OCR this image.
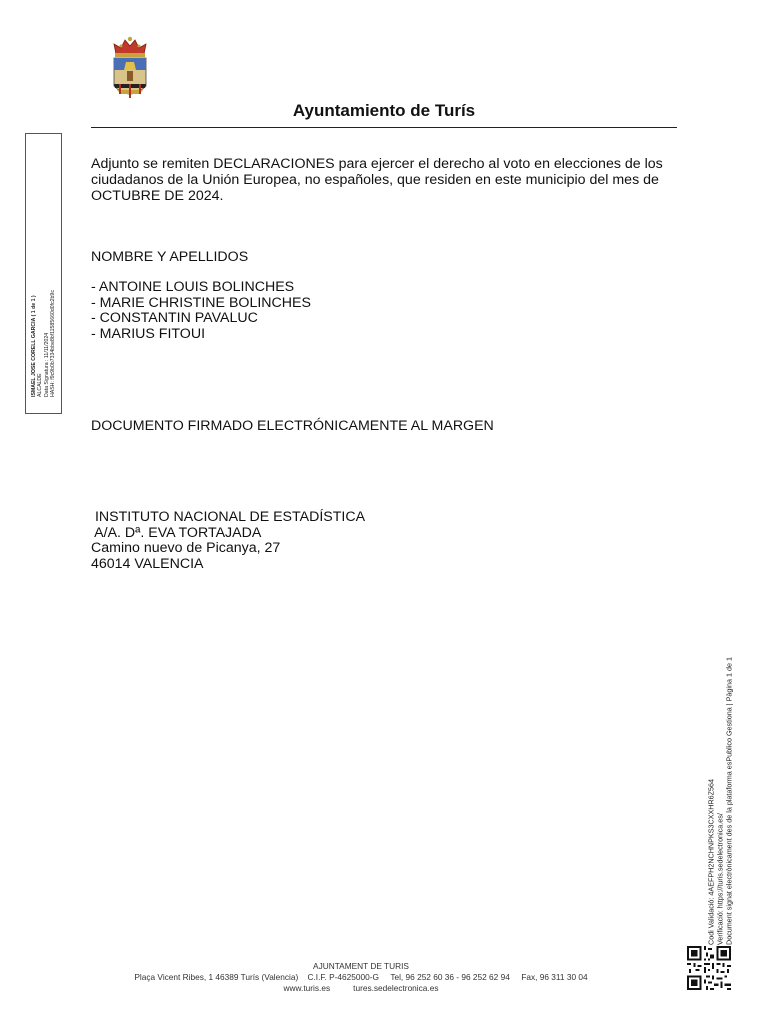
Ayuntamiento de Turís

Adjunto se remiten DECLARACIONES para ejercer el derecho al voto en elecciones de los

ciudadanos de la Unión Europea, no españoles, que residen en este municipio del mes de

OCTUBRE DE 2024.

NOMBRE Y APELLIDOS
- ANTOINE LOUIS BOLINCHES
- MARIE CHRISTINE BOLINCHES
- CONSTANTIN PAVALUC
- MARIUS FITOUI
DOCUMENTO FIRMADO ELECTRÓNICAMENTE AL MARGEN
INSTITUTO NACIONAL DE ESTADÍSTICA
A/A. Dª. EVA TORTAJADA
Camino nuevo de Picanya, 27
46014 VALENCIA
ISMAEL JOSE CORELL GARCIA ( 1 de 1 ) ALCALDE Data Signatura : 11/11/2024 HASH: f9c9b0b7334bbe8bf11585660d0fc2b9c
Codi Validació: 4AEFPH2NCHNPKS3CXXHR6Z564 Verificació: https://turis.sedelectronica.es/ Document signat electrònicament des de la plataforma esPublico Gestiona | Pàgina 1 de 1
AJUNTAMENT DE TURIS
Plaça Vicent Ribes, 1 46389 Turís (Valencia)    C.I.F. P-4625000-G     Tel, 96 252 60 36 - 96 252 62 94     Fax, 96 311 30 04
www.turis.es          tures.sedelectronica.es
